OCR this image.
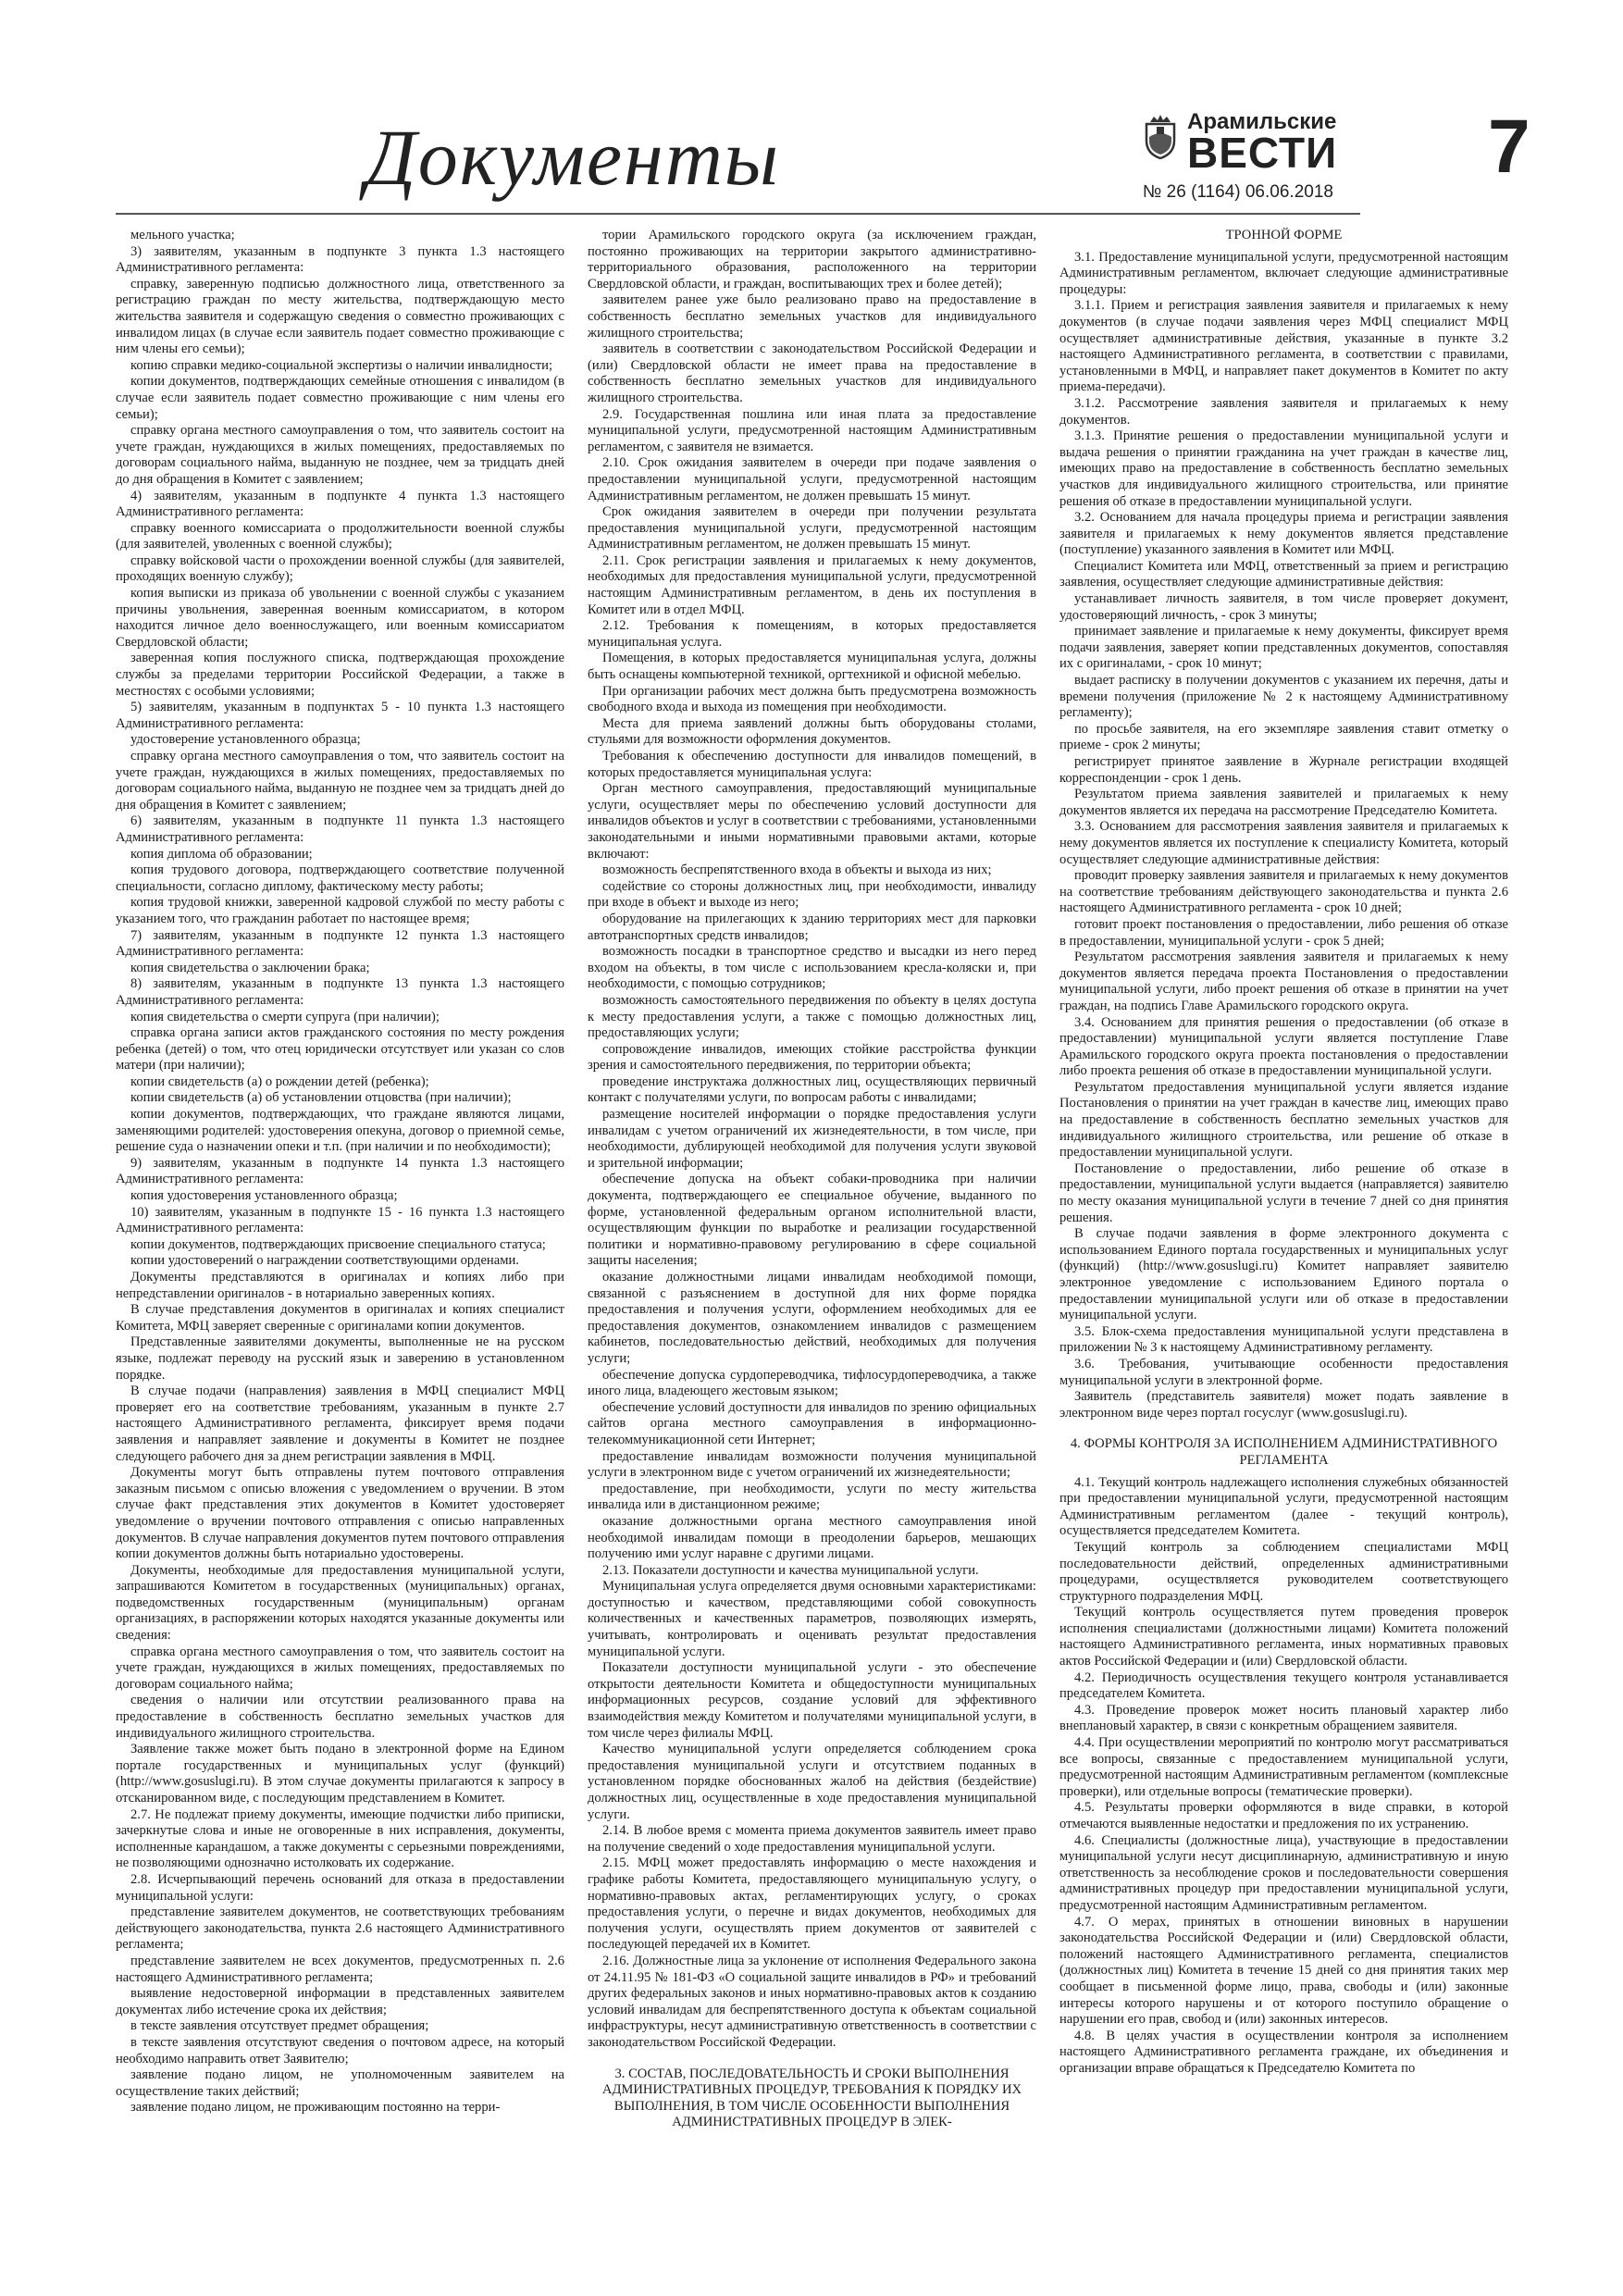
Документы	Арамильские
ВЕСТИ
№ 26 (1164) 06.06.2018
7

мельного участка;

3) заявителям, указанным в подпункте 3 пункта 1.3 настоящего Административного регламента:

справку, заверенную подписью должностного лица, ответственного за регистрацию граждан по месту жительства, подтверждающую место жительства заявителя и содержащую сведения о совместно проживающих с инвалидом лицах (в случае если заявитель подает совместно проживающие с ним члены его семьи);

копию справки медико-социальной экспертизы о наличии инвалидности;

копии документов, подтверждающих семейные отношения с инвалидом (в случае если заявитель подает совместно проживающие с ним члены его семьи);

справку органа местного самоуправления о том, что заявитель состоит на учете граждан, нуждающихся в жилых помещениях, предоставляемых по договорам социального найма, выданную не позднее, чем за тридцать дней до дня обращения в Комитет с заявлением;

4) заявителям, указанным в подпункте 4 пункта 1.3 настоящего Административного регламента:

справку военного комиссариата о продолжительности военной службы (для заявителей, уволенных с военной службы);

справку войсковой части о прохождении военной службы (для заявителей, проходящих военную службу);

копия выписки из приказа об увольнении с военной службы с указанием причины увольнения, заверенная военным комиссариатом, в котором находится личное дело военнослужащего, или военным комиссариатом Свердловской области;

заверенная копия послужного списка, подтверждающая прохождение службы за пределами территории Российской Федерации, а также в местностях с особыми условиями;

5) заявителям, указанным в подпунктах 5 - 10 пункта 1.3 настоящего Административного регламента:

удостоверение установленного образца;

справку органа местного самоуправления о том, что заявитель состоит на учете граждан, нуждающихся в жилых помещениях, предоставляемых по договорам социального найма, выданную не позднее чем за тридцать дней до дня обращения в Комитет с заявлением;

6) заявителям, указанным в подпункте 11 пункта 1.3 настоящего Административного регламента:

копия диплома об образовании;

копия трудового договора, подтверждающего соответствие полученной специальности, согласно диплому, фактическому месту работы;

копия трудовой книжки, заверенной кадровой службой по месту работы с указанием того, что гражданин работает по настоящее время;

7) заявителям, указанным в подпункте 12 пункта 1.3 настоящего Административного регламента:

копия свидетельства о заключении брака;

8) заявителям, указанным в подпункте 13 пункта 1.3 настоящего Административного регламента:

копия свидетельства о смерти супруга (при наличии);

справка органа записи актов гражданского состояния по месту рождения ребенка (детей) о том, что отец юридически отсутствует или указан со слов матери (при наличии);

копии свидетельств (а) о рождении детей (ребенка);

копии свидетельств (а) об установлении отцовства (при наличии);

копии документов, подтверждающих, что граждане являются лицами, заменяющими родителей: удостоверения опекуна, договор о приемной семье, решение суда о назначении опеки и т.п. (при наличии и по необходимости);

9) заявителям, указанным в подпункте 14 пункта 1.3 настоящего Административного регламента:

копия удостоверения установленного образца;

10) заявителям, указанным в подпункте 15 - 16 пункта 1.3 настоящего Административного регламента:

копии документов, подтверждающих присвоение специального статуса;

копии удостоверений о награждении соответствующими орденами.

Документы представляются в оригиналах и копиях либо при непредставлении оригиналов - в нотариально заверенных копиях.

В случае представления документов в оригиналах и копиях специалист Комитета, МФЦ заверяет сверенные с оригиналами копии документов.

Представленные заявителями документы, выполненные не на русском языке, подлежат переводу на русский язык и заверению в установленном порядке.

В случае подачи (направления) заявления в МФЦ специалист МФЦ проверяет его на соответствие требованиям, указанным в пункте 2.7 настоящего Административного регламента, фиксирует время подачи заявления и направляет заявление и документы в Комитет не позднее следующего рабочего дня за днем регистрации заявления в МФЦ.

Документы могут быть отправлены путем почтового отправления заказным письмом с описью вложения с уведомлением о вручении. В этом случае факт представления этих документов в Комитет удостоверяет уведомление о вручении почтового отправления с описью направленных документов. В случае направления документов путем почтового отправления копии документов должны быть нотариально удостоверены.

Документы, необходимые для предоставления муниципальной услуги, запрашиваются Комитетом в государственных (муниципальных) органах, подведомственных государственным (муниципальным) органам организациях, в распоряжении которых находятся указанные документы или сведения:

справка органа местного самоуправления о том, что заявитель состоит на учете граждан, нуждающихся в жилых помещениях, предоставляемых по договорам социального найма;

сведения о наличии или отсутствии реализованного права на предоставление в собственность бесплатно земельных участков для индивидуального жилищного строительства.

Заявление также может быть подано в электронной форме на Едином портале государственных и муниципальных услуг (функций) (http://www.gosuslugi.ru). В этом случае документы прилагаются к запросу в отсканированном виде, с последующим представлением в Комитет.

2.7. Не подлежат приему документы, имеющие подчистки либо приписки, зачеркнутые слова и иные не оговоренные в них исправления, документы, исполненные карандашом, а также документы с серьезными повреждениями, не позволяющими однозначно истолковать их содержание.

2.8. Исчерпывающий перечень оснований для отказа в предоставлении муниципальной услуги:

представление заявителем документов, не соответствующих требованиям действующего законодательства, пункта 2.6 настоящего Административного регламента;

представление заявителем не всех документов, предусмотренных п. 2.6 настоящего Административного регламента;

выявление недостоверной информации в представленных заявителем документах либо истечение срока их действия;

в тексте заявления отсутствует предмет обращения;

в тексте заявления отсутствуют сведения о почтовом адресе, на который необходимо направить ответ Заявителю;

заявление подано лицом, не уполномоченным заявителем на осуществление таких действий;

заявление подано лицом, не проживающим постоянно на терри-

тории Арамильского городского округа (за исключением граждан, постоянно проживающих на территории закрытого административно-территориального образования, расположенного на территории Свердловской области, и граждан, воспитывающих трех и более детей);

заявителем ранее уже было реализовано право на предоставление в собственность бесплатно земельных участков для индивидуального жилищного строительства;

заявитель в соответствии с законодательством Российской Федерации и (или) Свердловской области не имеет права на предоставление в собственность бесплатно земельных участков для индивидуального жилищного строительства.

2.9. Государственная пошлина или иная плата за предоставление муниципальной услуги, предусмотренной настоящим Административным регламентом, с заявителя не взимается.

2.10. Срок ожидания заявителем в очереди при подаче заявления о предоставлении муниципальной услуги, предусмотренной настоящим Административным регламентом, не должен превышать 15 минут.

Срок ожидания заявителем в очереди при получении результата предоставления муниципальной услуги, предусмотренной настоящим Административным регламентом, не должен превышать 15 минут.

2.11. Срок регистрации заявления и прилагаемых к нему документов, необходимых для предоставления муниципальной услуги, предусмотренной настоящим Административным регламентом, в день их поступления в Комитет или в отдел МФЦ.

2.12. Требования к помещениям, в которых предоставляется муниципальная услуга.

Помещения, в которых предоставляется муниципальная услуга, должны быть оснащены компьютерной техникой, оргтехникой и офисной мебелью.

При организации рабочих мест должна быть предусмотрена возможность свободного входа и выхода из помещения при необходимости.

Места для приема заявлений должны быть оборудованы столами, стульями для возможности оформления документов.

Требования к обеспечению доступности для инвалидов помещений, в которых предоставляется муниципальная услуга:

Орган местного самоуправления, предоставляющий муниципальные услуги, осуществляет меры по обеспечению условий доступности для инвалидов объектов и услуг в соответствии с требованиями, установленными законодательными и иными нормативными правовыми актами, которые включают:

возможность беспрепятственного входа в объекты и выхода из них;

содействие со стороны должностных лиц, при необходимости, инвалиду при входе в объект и выходе из него;

оборудование на прилегающих к зданию территориях мест для парковки автотранспортных средств инвалидов;

возможность посадки в транспортное средство и высадки из него перед входом на объекты, в том числе с использованием кресла-коляски и, при необходимости, с помощью сотрудников;

возможность самостоятельного передвижения по объекту в целях доступа к месту предоставления услуги, а также с помощью должностных лиц, предоставляющих услуги;

сопровождение инвалидов, имеющих стойкие расстройства функции зрения и самостоятельного передвижения, по территории объекта;

проведение инструктажа должностных лиц, осуществляющих первичный контакт с получателями услуги, по вопросам работы с инвалидами;

размещение носителей информации о порядке предоставления услуги инвалидам с учетом ограничений их жизнедеятельности, в том числе, при необходимости, дублирующей необходимой для получения услуги звуковой и зрительной информации;

обеспечение допуска на объект собаки-проводника при наличии документа, подтверждающего ее специальное обучение, выданного по форме, установленной федеральным органом исполнительной власти, осуществляющим функции по выработке и реализации государственной политики и нормативно-правовому регулированию в сфере социальной защиты населения;

оказание должностными лицами инвалидам необходимой помощи, связанной с разъяснением в доступной для них форме порядка предоставления и получения услуги, оформлением необходимых для ее предоставления документов, ознакомлением инвалидов с размещением кабинетов, последовательностью действий, необходимых для получения услуги;

обеспечение допуска сурдопереводчика, тифлосурдопереводчика, а также иного лица, владеющего жестовым языком;

обеспечение условий доступности для инвалидов по зрению официальных сайтов органа местного самоуправления в информационно-телекоммуникационной сети Интернет;

предоставление инвалидам возможности получения муниципальной услуги в электронном виде с учетом ограничений их жизнедеятельности;

предоставление, при необходимости, услуги по месту жительства инвалида или в дистанционном режиме;

оказание должностными органа местного самоуправления иной необходимой инвалидам помощи в преодолении барьеров, мешающих получению ими услуг наравне с другими лицами.

2.13. Показатели доступности и качества муниципальной услуги.

Муниципальная услуга определяется двумя основными характеристиками: доступностью и качеством, представляющими собой совокупность количественных и качественных параметров, позволяющих измерять, учитывать, контролировать и оценивать результат предоставления муниципальной услуги.

Показатели доступности муниципальной услуги - это обеспечение открытости деятельности Комитета и общедоступности муниципальных информационных ресурсов, создание условий для эффективного взаимодействия между Комитетом и получателями муниципальной услуги, в том числе через филиалы МФЦ.

Качество муниципальной услуги определяется соблюдением срока предоставления муниципальной услуги и отсутствием поданных в установленном порядке обоснованных жалоб на действия (бездействие) должностных лиц, осуществленные в ходе предоставления муниципальной услуги.

2.14. В любое время с момента приема документов заявитель имеет право на получение сведений о ходе предоставления муниципальной услуги.

2.15. МФЦ может предоставлять информацию о месте нахождения и графике работы Комитета, предоставляющего муниципальную услугу, о нормативно-правовых актах, регламентирующих услугу, о сроках предоставления услуги, о перечне и видах документов, необходимых для получения услуги, осуществлять прием документов от заявителей с последующей передачей их в Комитет.

2.16. Должностные лица за уклонение от исполнения Федерального закона от 24.11.95 № 181-ФЗ «О социальной защите инвалидов в РФ» и требований других федеральных законов и иных нормативно-правовых актов к созданию условий инвалидам для беспрепятственного доступа к объектам социальной инфраструктуры, несут административную ответственность в соответствии с законодательством Российской Федерации.

3. СОСТАВ, ПОСЛЕДОВАТЕЛЬНОСТЬ И СРОКИ ВЫПОЛНЕНИЯ АДМИНИСТРАТИВНЫХ ПРОЦЕДУР, ТРЕБОВАНИЯ К ПОРЯДКУ ИХ ВЫПОЛНЕНИЯ, В ТОМ ЧИСЛЕ ОСОБЕННОСТИ ВЫПОЛНЕНИЯ АДМИНИСТРАТИВНЫХ ПРОЦЕДУР В ЭЛЕК-

ТРОННОЙ ФОРМЕ

3.1. Предоставление муниципальной услуги, предусмотренной настоящим Административным регламентом, включает следующие административные процедуры:

3.1.1. Прием и регистрация заявления заявителя и прилагаемых к нему документов (в случае подачи заявления через МФЦ специалист МФЦ осуществляет административные действия, указанные в пункте 3.2 настоящего Административного регламента, в соответствии с правилами, установленными в МФЦ, и направляет пакет документов в Комитет по акту приема-передачи).

3.1.2. Рассмотрение заявления заявителя и прилагаемых к нему документов.

3.1.3. Принятие решения о предоставлении муниципальной услуги и выдача решения о принятии гражданина на учет граждан в качестве лиц, имеющих право на предоставление в собственность бесплатно земельных участков для индивидуального жилищного строительства, или принятие решения об отказе в предоставлении муниципальной услуги.

3.2. Основанием для начала процедуры приема и регистрации заявления заявителя и прилагаемых к нему документов является представление (поступление) указанного заявления в Комитет или МФЦ.

Специалист Комитета или МФЦ, ответственный за прием и регистрацию заявления, осуществляет следующие административные действия:

устанавливает личность заявителя, в том числе проверяет документ, удостоверяющий личность, - срок 3 минуты;

принимает заявление и прилагаемые к нему документы, фиксирует время подачи заявления, заверяет копии представленных документов, сопоставляя их с оригиналами, - срок 10 минут;

выдает расписку в получении документов с указанием их перечня, даты и времени получения (приложение № 2 к настоящему Административному регламенту);

по просьбе заявителя, на его экземпляре заявления ставит отметку о приеме - срок 2 минуты;

регистрирует принятое заявление в Журнале регистрации входящей корреспонденции - срок 1 день.

Результатом приема заявления заявителей и прилагаемых к нему документов является их передача на рассмотрение Председателю Комитета.

3.3. Основанием для рассмотрения заявления заявителя и прилагаемых к нему документов является их поступление к специалисту Комитета, который осуществляет следующие административные действия:

проводит проверку заявления заявителя и прилагаемых к нему документов на соответствие требованиям действующего законодательства и пункта 2.6 настоящего Административного регламента - срок 10 дней;

готовит проект постановления о предоставлении, либо решения об отказе в предоставлении, муниципальной услуги - срок 5 дней;

Результатом рассмотрения заявления заявителя и прилагаемых к нему документов является передача проекта Постановления о предоставлении муниципальной услуги, либо проект решения об отказе в принятии на учет граждан, на подпись Главе Арамильского городского округа.

3.4. Основанием для принятия решения о предоставлении (об отказе в предоставлении) муниципальной услуги является поступление Главе Арамильского городского округа проекта постановления о предоставлении либо проекта решения об отказе в предоставлении муниципальной услуги.

Результатом предоставления муниципальной услуги является издание Постановления о принятии на учет граждан в качестве лиц, имеющих право на предоставление в собственность бесплатно земельных участков для индивидуального жилищного строительства, или решение об отказе в предоставлении муниципальной услуги.

Постановление о предоставлении, либо решение об отказе в предоставлении, муниципальной услуги выдается (направляется) заявителю по месту оказания муниципальной услуги в течение 7 дней со дня принятия решения.

В случае подачи заявления в форме электронного документа с использованием Единого портала государственных и муниципальных услуг (функций) (http://www.gosuslugi.ru) Комитет направляет заявителю электронное уведомление с использованием Единого портала о предоставлении муниципальной услуги или об отказе в предоставлении муниципальной услуги.

3.5. Блок-схема предоставления муниципальной услуги представлена в приложении № 3 к настоящему Административному регламенту.

3.6. Требования, учитывающие особенности предоставления муниципальной услуги в электронной форме.

Заявитель (представитель заявителя) может подать заявление в электронном виде через портал госуслуг (www.gosuslugi.ru).

4. ФОРМЫ КОНТРОЛЯ ЗА ИСПОЛНЕНИЕМ АДМИНИСТРАТИВНОГО РЕГЛАМЕНТА

4.1. Текущий контроль надлежащего исполнения служебных обязанностей при предоставлении муниципальной услуги, предусмотренной настоящим Административным регламентом (далее - текущий контроль), осуществляется председателем Комитета.

Текущий контроль за соблюдением специалистами МФЦ последовательности действий, определенных административными процедурами, осуществляется руководителем соответствующего структурного подразделения МФЦ.

Текущий контроль осуществляется путем проведения проверок исполнения специалистами (должностными лицами) Комитета положений настоящего Административного регламента, иных нормативных правовых актов Российской Федерации и (или) Свердловской области.

4.2. Периодичность осуществления текущего контроля устанавливается председателем Комитета.

4.3. Проведение проверок может носить плановый характер либо внеплановый характер, в связи с конкретным обращением заявителя.

4.4. При осуществлении мероприятий по контролю могут рассматриваться все вопросы, связанные с предоставлением муниципальной услуги, предусмотренной настоящим Административным регламентом (комплексные проверки), или отдельные вопросы (тематические проверки).

4.5. Результаты проверки оформляются в виде справки, в которой отмечаются выявленные недостатки и предложения по их устранению.

4.6. Специалисты (должностные лица), участвующие в предоставлении муниципальной услуги несут дисциплинарную, административную и иную ответственность за несоблюдение сроков и последовательности совершения административных процедур при предоставлении муниципальной услуги, предусмотренной настоящим Административным регламентом.

4.7. О мерах, принятых в отношении виновных в нарушении законодательства Российской Федерации и (или) Свердловской области, положений настоящего Административного регламента, специалистов (должностных лиц) Комитета в течение 15 дней со дня принятия таких мер сообщает в письменной форме лицо, права, свободы и (или) законные интересы которого нарушены и от которого поступило обращение о нарушении его прав, свобод и (или) законных интересов.

4.8. В целях участия в осуществлении контроля за исполнением настоящего Административного регламента граждане, их объединения и организации вправе обращаться к Председателю Комитета по
